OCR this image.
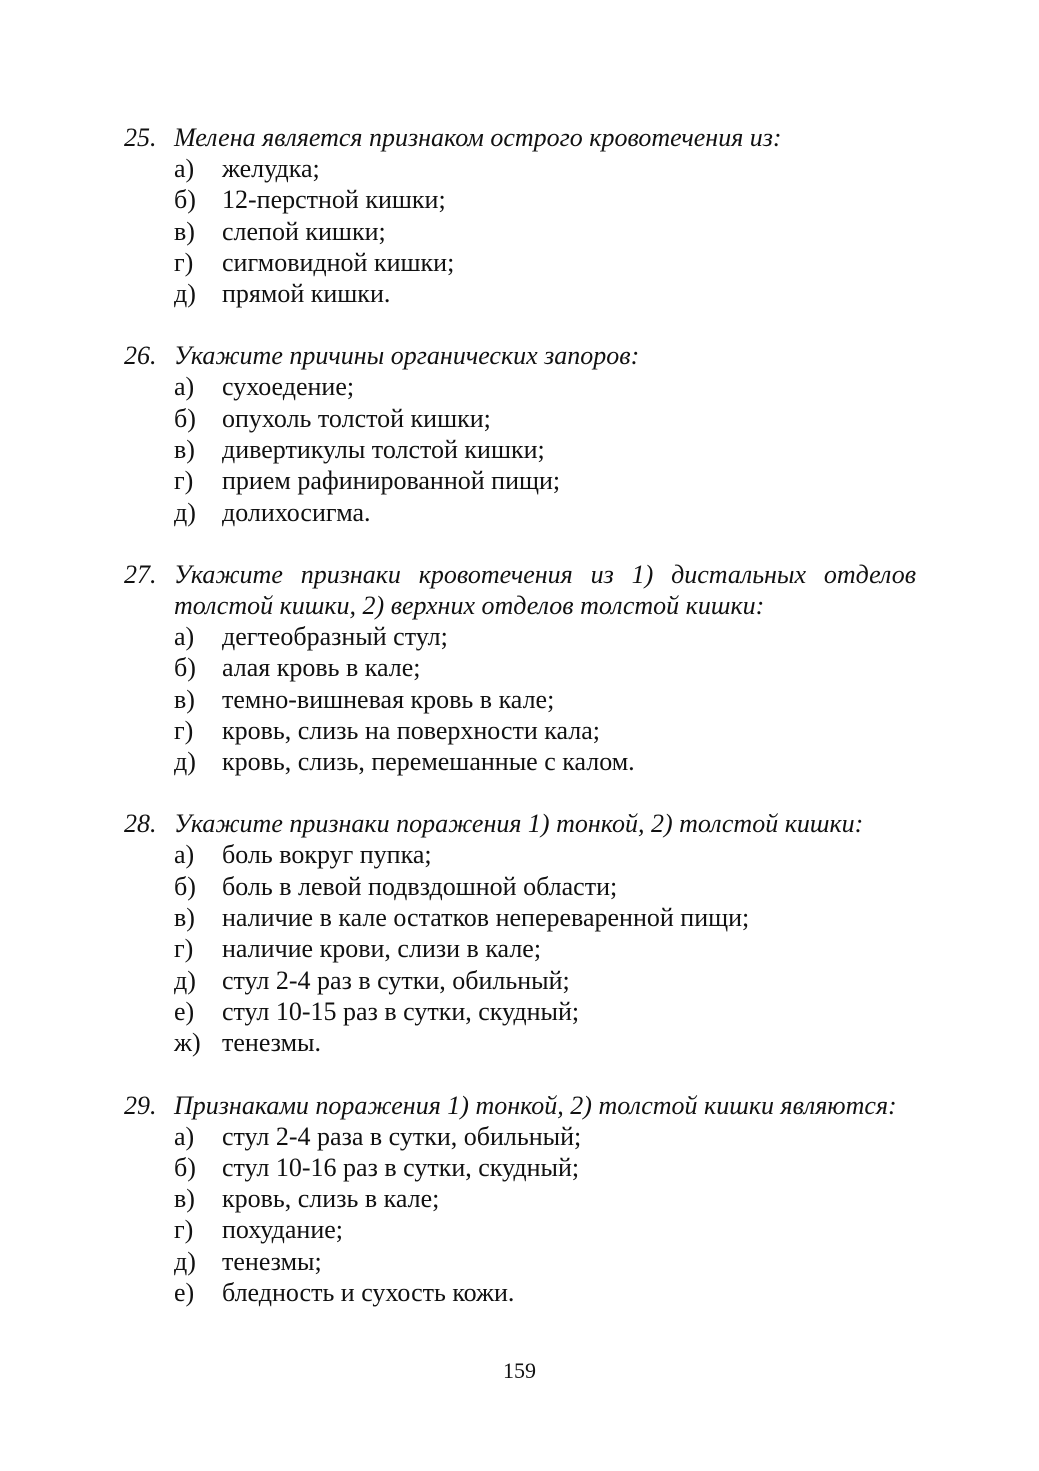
25. Мелена является признаком острого кровотечения из:
а)	желудка;
б)	12-перстной кишки;
в)	слепой кишки;
г)	сигмовидной кишки;
д)	прямой кишки.
26. Укажите причины органических запоров:
а)	сухоедение;
б)	опухоль толстой кишки;
в)	дивертикулы толстой кишки;
г)	прием рафинированной пищи;
д)	долихосигма.
27. Укажите признаки кровотечения из 1) дистальных отделов толстой кишки, 2) верхних отделов толстой кишки:
а)	дегтеобразный стул;
б)	алая кровь в кале;
в)	темно-вишневая кровь в кале;
г)	кровь, слизь на поверхности кала;
д)	кровь, слизь, перемешанные с калом.
28. Укажите признаки поражения 1) тонкой, 2) толстой кишки:
а)	боль вокруг пупка;
б)	боль в левой подвздошной области;
в)	наличие в кале остатков непереваренной пищи;
г)	наличие крови, слизи в кале;
д)	стул 2-4 раз в сутки, обильный;
е)	стул 10-15 раз в сутки, скудный;
ж) тенезмы.
29. Признаками поражения 1) тонкой, 2) толстой кишки являются:
а)	стул 2-4 раза в сутки, обильный;
б)	стул 10-16 раз в сутки, скудный;
в)	кровь, слизь в кале;
г)	похудание;
д)	тенезмы;
е)	бледность и сухость кожи.
159
